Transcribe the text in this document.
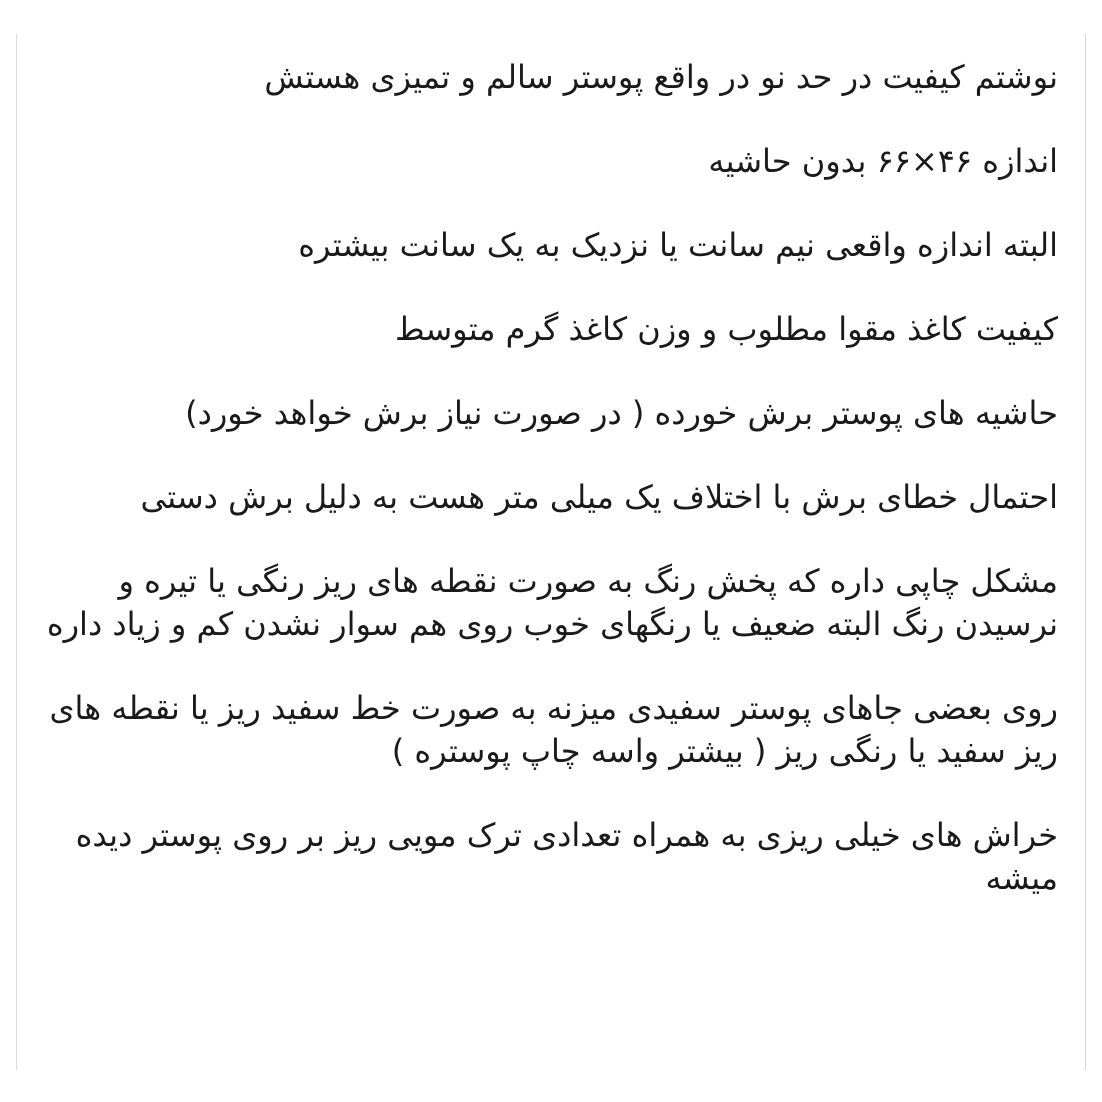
نوشتم کیفیت در حد نو در واقع پوستر سالم و تمیزی هستش

اندازه ۴۶×۶۶ بدون حاشیه

البته اندازه واقعی نیم سانت یا نزدیک به یک سانت بیشتره

کیفیت کاغذ مقوا مطلوب و وزن کاغذ گرم متوسط

حاشیه های پوستر برش خورده ( در صورت نیاز برش خواهد خورد)

احتمال خطای برش با اختلاف یک میلی متر هست به دلیل برش دستی

مشکل چاپی داره که پخش رنگ به صورت نقطه های ریز رنگی یا تیره و نرسیدن رنگ البته ضعیف یا رنگهای خوب روی هم سوار نشدن کم و زیاد داره

روی بعضی جاهای پوستر سفیدی میزنه به صورت خط سفید ریز یا نقطه های ریز سفید یا رنگی ریز ( بیشتر واسه چاپ پوستره )

خراش های خیلی ریزی به همراه تعدادی ترک مویی ریز بر روی پوستر دیده میشه
